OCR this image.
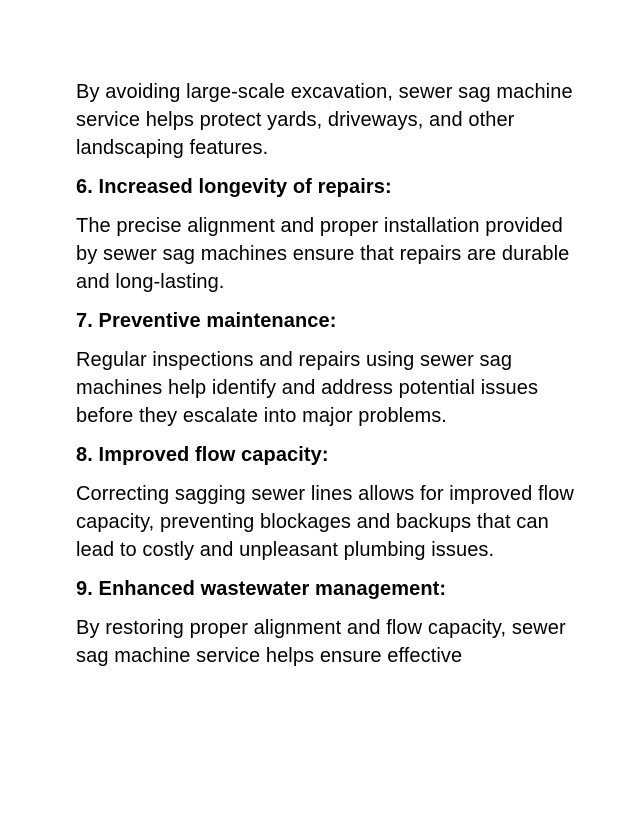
By avoiding large-scale excavation, sewer sag machine service helps protect yards, driveways, and other landscaping features.

6. Increased longevity of repairs:

The precise alignment and proper installation provided by sewer sag machines ensure that repairs are durable and long-lasting.

7. Preventive maintenance:

Regular inspections and repairs using sewer sag machines help identify and address potential issues before they escalate into major problems.

8. Improved flow capacity:

Correcting sagging sewer lines allows for improved flow capacity, preventing blockages and backups that can lead to costly and unpleasant plumbing issues.

9. Enhanced wastewater management:

By restoring proper alignment and flow capacity, sewer sag machine service helps ensure effective
